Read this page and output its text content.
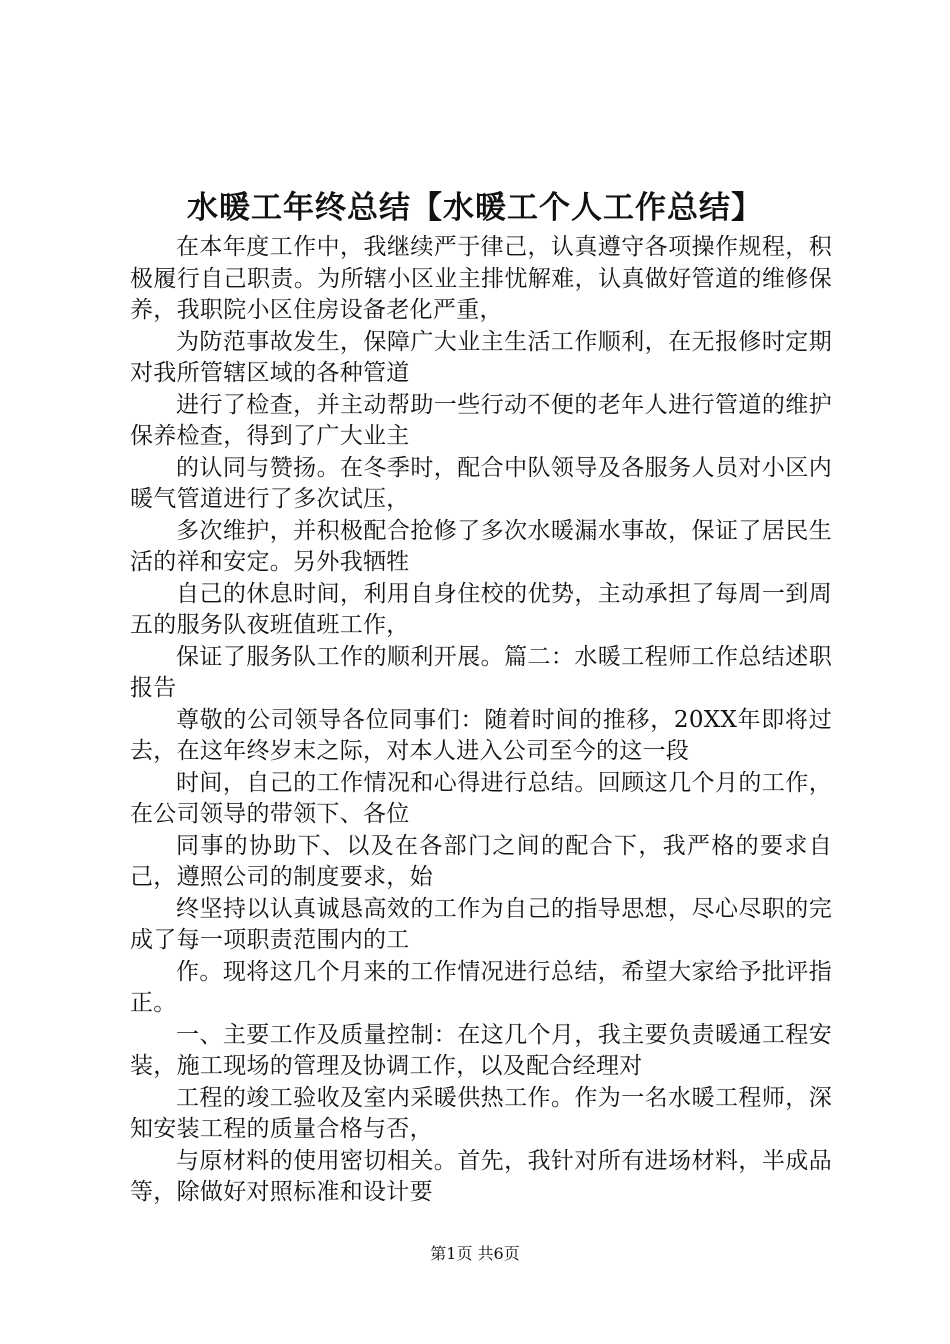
水暖工年终总结【水暖工个人工作总结】

在本年度工作中，我继续严于律己，认真遵守各项操作规程，积极履行自己职责。为所辖小区业主排忧解难，认真做好管道的维修保养，我职院小区住房设备老化严重，

为防范事故发生，保障广大业主生活工作顺利，在无报修时定期对我所管辖区域的各种管道

进行了检查，并主动帮助一些行动不便的老年人进行管道的维护保养检查，得到了广大业主

的认同与赞扬。在冬季时，配合中队领导及各服务人员对小区内暖气管道进行了多次试压，

多次维护，并积极配合抢修了多次水暖漏水事故，保证了居民生活的祥和安定。另外我牺牲

自己的休息时间，利用自身住校的优势，主动承担了每周一到周五的服务队夜班值班工作，

保证了服务队工作的顺利开展。篇二：水暖工程师工作总结述职报告

尊敬的公司领导各位同事们：随着时间的推移，20XX年即将过去，在这年终岁末之际，对本人进入公司至今的这一段

时间，自己的工作情况和心得进行总结。回顾这几个月的工作，在公司领导的带领下、各位

同事的协助下、以及在各部门之间的配合下，我严格的要求自己，遵照公司的制度要求，始

终坚持以认真诚恳高效的工作为自己的指导思想，尽心尽职的完成了每一项职责范围内的工

作。现将这几个月来的工作情况进行总结，希望大家给予批评指正。

一、主要工作及质量控制：在这几个月，我主要负责暖通工程安装，施工现场的管理及协调工作，以及配合经理对

工程的竣工验收及室内采暖供热工作。作为一名水暖工程师，深知安装工程的质量合格与否，

与原材料的使用密切相关。首先，我针对所有进场材料，半成品等，除做好对照标准和设计要

第1页 共6页
